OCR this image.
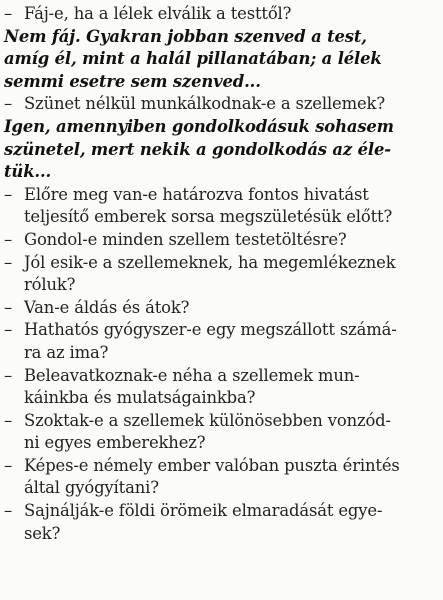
– Fáj-e, ha a lélek elválik a testtől?
Nem fáj. Gyakran jobban szenved a test,
amíg él, mint a halál pillanatában; a lélek
semmi esetre sem szenved...
– Szünet nélkül munkálkodnak-e a szellemek?
Igen, amennyiben gondolkodásuk sohasem
szünetel, mert nekik a gondolkodás az éle-
tük...
– Előre meg van-e határozva fontos hivatást
teljesítő emberek sorsa megszületésük előtt?
– Gondol-e minden szellem testetöltésre?
– Jól esik-e a szellemeknek, ha megemlékeznek
róluk?
– Van-e áldás és átok?
– Hathatós gyógyszer-e egy megszállott számá-
ra az ima?
– Beleavatkoznak-e néha a szellemek mun-
káinkba és mulatságainkba?
– Szoktak-e a szellemek különösebben vonzód-
ni egyes emberekhez?
– Képes-e némely ember valóban puszta érintés
által gyógyítani?
– Sajnálják-e földi örömeik elmaradását egye-
sek?
